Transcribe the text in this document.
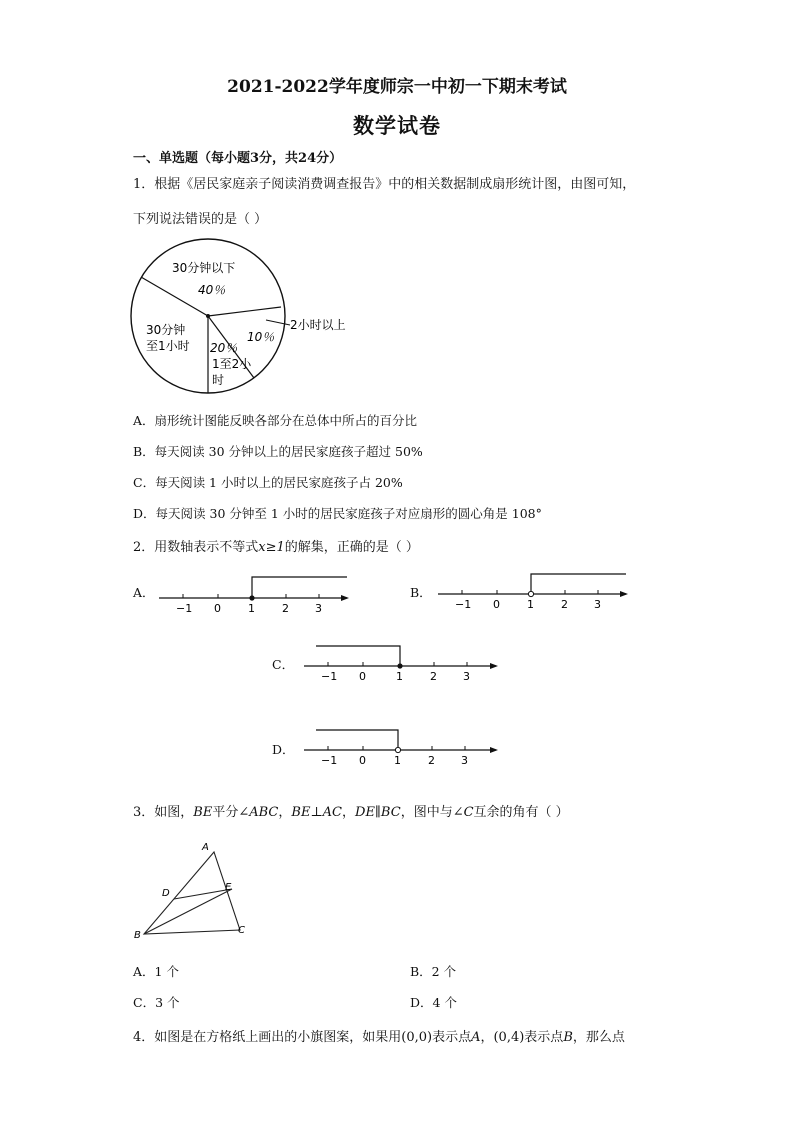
2021-2022学年度师宗一中初一下期末考试
数学试卷
一、单选题（每小题3分，共24分）
1．根据《居民家庭亲子阅读消费调查报告》中的相关数据制成扇形统计图，由图可知，
下列说法错误的是（ ）
30分钟以下
40％
2小时以上
10％
20％
1至2小
时
30分钟
至1小时
A．扇形统计图能反映各部分在总体中所占的百分比
B．每天阅读 30 分钟以上的居民家庭孩子超过 50%
C．每天阅读 1 小时以上的居民家庭孩子占 20%
D．每天阅读 30 分钟至 1 小时的居民家庭孩子对应扇形的圆心角是 108°
2．用数轴表示不等式x≥1的解集，正确的是（ ）
A．
−1 0 1 2 3
B．
−1 0 1 2 3
C．
−1 0	1 2 3
D．
−1 0	1 2 3
3．如图，BE平分∠ABC，BE⊥AC，DE∥BC，图中与∠C互余的角有（ ）
A
B	C
D
E
A．1 个	B．2 个
C．3 个	D．4 个
4．如图是在方格纸上画出的小旗图案，如果用(0,0)表示点A，(0,4)表示点B，那么点
